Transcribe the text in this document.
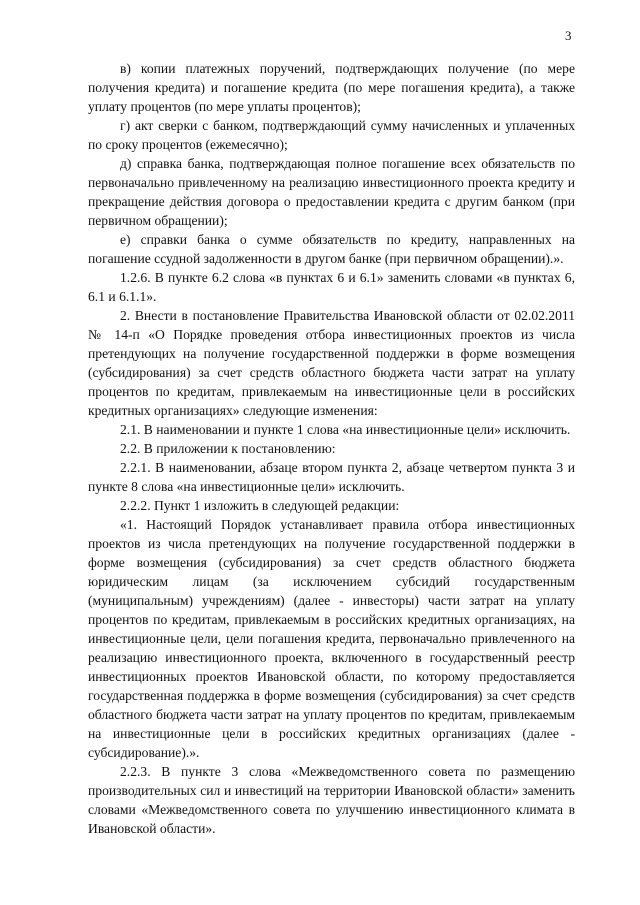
3

в) копии платежных поручений, подтверждающих получение (по мере получения кредита) и погашение кредита (по мере погашения кредита), а также уплату процентов (по мере уплаты процентов);

г) акт сверки с банком, подтверждающий сумму начисленных и уплаченных по сроку процентов (ежемесячно);

д) справка банка, подтверждающая полное погашение всех обязательств по первоначально привлеченному на реализацию инвестиционного проекта кредиту и прекращение действия договора о предоставлении кредита с другим банком (при первичном обращении);

е) справки банка о сумме обязательств по кредиту, направленных на погашение ссудной задолженности в другом банке (при первичном обращении).».

1.2.6. В пункте 6.2 слова «в пунктах 6 и 6.1» заменить словами «в пунктах 6, 6.1 и 6.1.1».

2. Внести в постановление Правительства Ивановской области от 02.02.2011 № 14-п «О Порядке проведения отбора инвестиционных проектов из числа претендующих на получение государственной поддержки в форме возмещения (субсидирования) за счет средств областного бюджета части затрат на уплату процентов по кредитам, привлекаемым на инвестиционные цели в российских кредитных организациях» следующие изменения:

2.1. В наименовании и пункте 1 слова «на инвестиционные цели» исключить.

2.2. В приложении к постановлению:

2.2.1. В наименовании, абзаце втором пункта 2, абзаце четвертом пункта 3 и пункте 8 слова «на инвестиционные цели» исключить.

2.2.2. Пункт 1 изложить в следующей редакции:

«1. Настоящий Порядок устанавливает правила отбора инвестиционных проектов из числа претендующих на получение государственной поддержки в форме возмещения (субсидирования) за счет средств областного бюджета юридическим лицам (за исключением субсидий государственным (муниципальным) учреждениям) (далее - инвесторы) части затрат на уплату процентов по кредитам, привлекаемым в российских кредитных организациях, на инвестиционные цели, цели погашения кредита, первоначально привлеченного на реализацию инвестиционного проекта, включенного в государственный реестр инвестиционных проектов Ивановской области, по которому предоставляется государственная поддержка в форме возмещения (субсидирования) за счет средств областного бюджета части затрат на уплату процентов по кредитам, привлекаемым на инвестиционные цели в российских кредитных организациях (далее - субсидирование).».

2.2.3. В пункте 3 слова «Межведомственного совета по размещению производительных сил и инвестиций на территории Ивановской области» заменить словами «Межведомственного совета по улучшению инвестиционного климата в Ивановской области».
